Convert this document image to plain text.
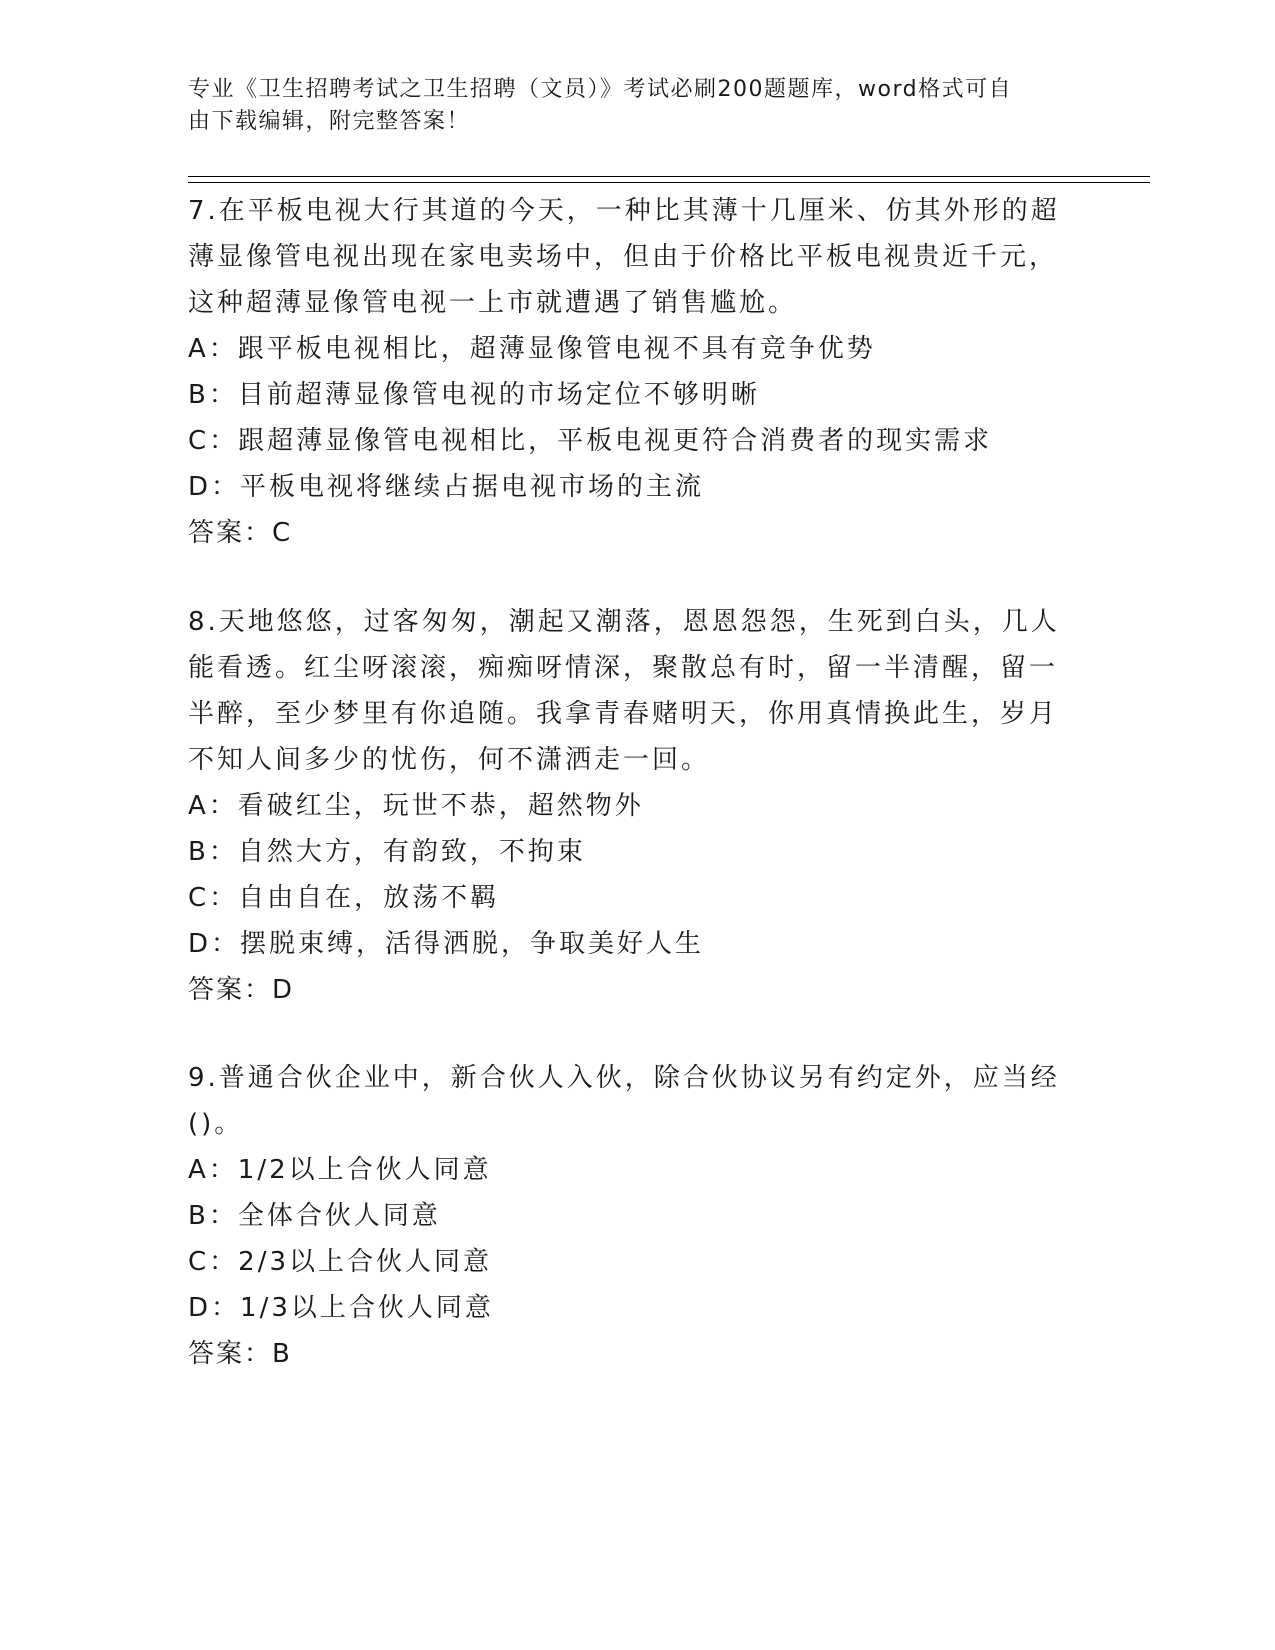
专业《卫生招聘考试之卫生招聘（文员）》考试必刷200题题库，word格式可自
由下载编辑，附完整答案！

7.在平板电视大行其道的今天，一种比其薄十几厘米、仿其外形的超薄显像管电视出现在家电卖场中，但由于价格比平板电视贵近千元，这种超薄显像管电视一上市就遭遇了销售尴尬。

A：跟平板电视相比，超薄显像管电视不具有竞争优势

B：目前超薄显像管电视的市场定位不够明晰

C：跟超薄显像管电视相比，平板电视更符合消费者的现实需求

D：平板电视将继续占据电视市场的主流

答案：C

8.天地悠悠，过客匆匆，潮起又潮落，恩恩怨怨，生死到白头，几人能看透。红尘呀滚滚，痴痴呀情深，聚散总有时，留一半清醒，留一半醉，至少梦里有你追随。我拿青春赌明天，你用真情换此生，岁月不知人间多少的忧伤，何不潇洒走一回。

A：看破红尘，玩世不恭，超然物外

B：自然大方，有韵致，不拘束

C：自由自在，放荡不羁

D：摆脱束缚，活得洒脱，争取美好人生

答案：D

9.普通合伙企业中，新合伙人入伙，除合伙协议另有约定外，应当经()。

A：1/2以上合伙人同意

B：全体合伙人同意

C：2/3以上合伙人同意

D：1/3以上合伙人同意

答案：B
